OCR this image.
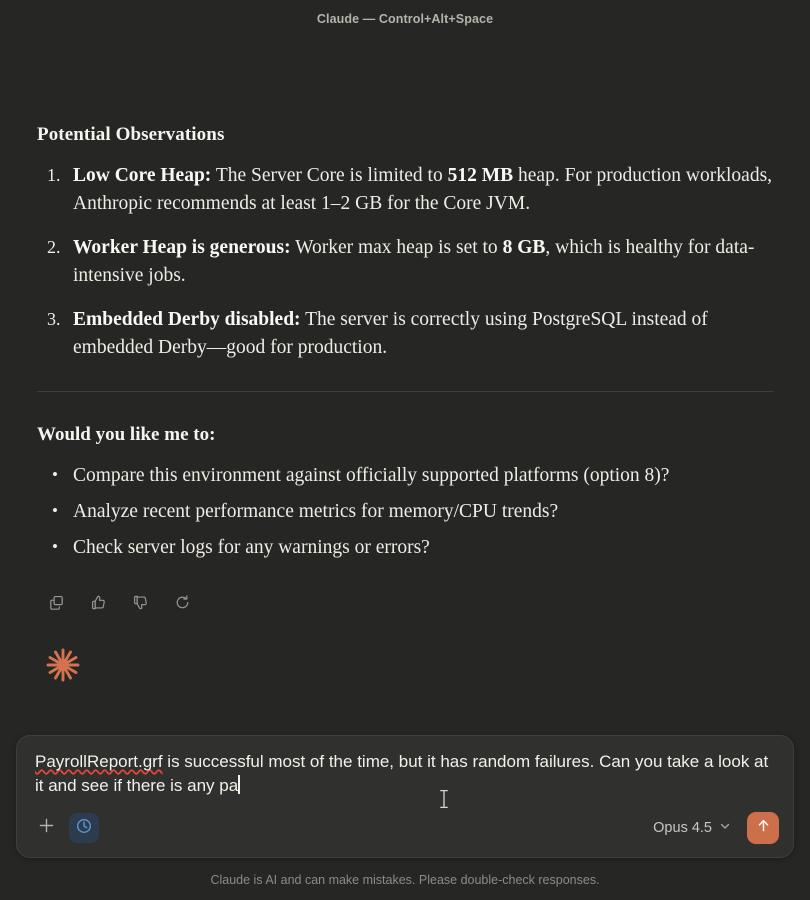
Claude — Control+Alt+Space
Potential Observations
Low Core Heap: The Server Core is limited to 512 MB heap. For production workloads, Anthropic recommends at least 1–2 GB for the Core JVM.
Worker Heap is generous: Worker max heap is set to 8 GB, which is healthy for data-intensive jobs.
Embedded Derby disabled: The server is correctly using PostgreSQL instead of embedded Derby—good for production.
Would you like me to:
• Compare this environment against officially supported platforms (option 8)?
• Analyze recent performance metrics for memory/CPU trends?
• Check server logs for any warnings or errors?
PayrollReport.grf is successful most of the time, but it has random failures. Can you take a look at it and see if there is any pa
Opus 4.5
Claude is AI and can make mistakes. Please double-check responses.
